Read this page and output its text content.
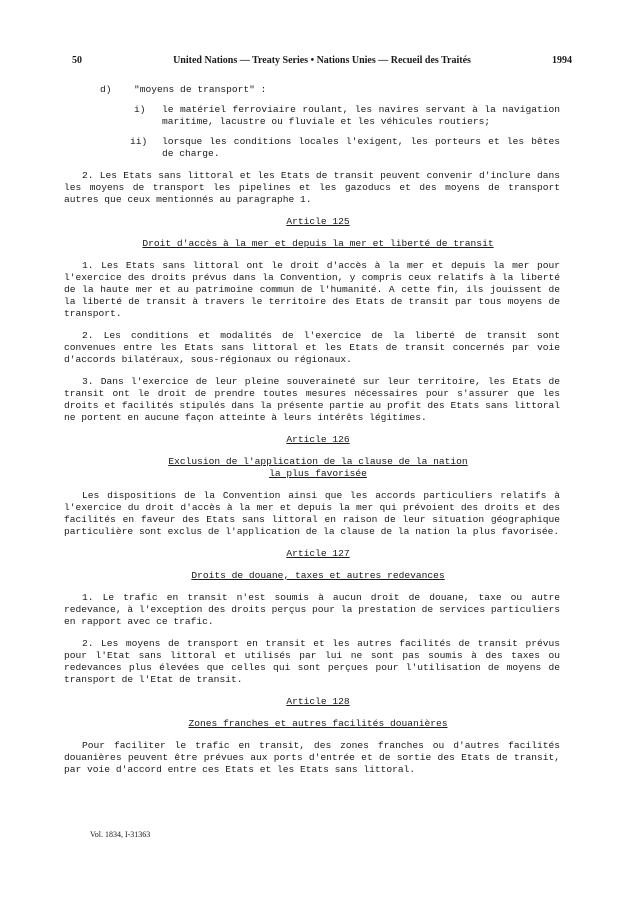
50	United Nations — Treaty Series • Nations Unies — Recueil des Traités	1994
d)	"moyens de transport" :
i)	le matériel ferroviaire roulant, les navires servant à la navigation maritime, lacustre ou fluviale et les véhicules routiers;
ii)	lorsque les conditions locales l'exigent, les porteurs et les bêtes de charge.

2. Les Etats sans littoral et les Etats de transit peuvent convenir d'inclure dans les moyens de transport les pipelines et les gazoducs et des moyens de transport autres que ceux mentionnés au paragraphe 1.

Article 125

Droit d'accès à la mer et depuis la mer et liberté de transit

1. Les Etats sans littoral ont le droit d'accès à la mer et depuis la mer pour l'exercice des droits prévus dans la Convention, y compris ceux relatifs à la liberté de la haute mer et au patrimoine commun de l'humanité. A cette fin, ils jouissent de la liberté de transit à travers le territoire des Etats de transit par tous moyens de transport.

2. Les conditions et modalités de l'exercice de la liberté de transit sont convenues entre les Etats sans littoral et les Etats de transit concernés par voie d'accords bilatéraux, sous-régionaux ou régionaux.

3. Dans l'exercice de leur pleine souveraineté sur leur territoire, les Etats de transit ont le droit de prendre toutes mesures nécessaires pour s'assurer que les droits et facilités stipulés dans la présente partie au profit des Etats sans littoral ne portent en aucune façon atteinte à leurs intérêts légitimes.

Article 126

Exclusion de l'application de la clause de la nation

la plus favorisée

Les dispositions de la Convention ainsi que les accords particuliers relatifs à l'exercice du droit d'accès à la mer et depuis la mer qui prévoient des droits et des facilités en faveur des Etats sans littoral en raison de leur situation géographique particulière sont exclus de l'application de la clause de la nation la plus favorisée.

Article 127

Droits de douane, taxes et autres redevances

1. Le trafic en transit n'est soumis à aucun droit de douane, taxe ou autre redevance, à l'exception des droits perçus pour la prestation de services particuliers en rapport avec ce trafic.

2. Les moyens de transport en transit et les autres facilités de transit prévus pour l'Etat sans littoral et utilisés par lui ne sont pas soumis à des taxes ou redevances plus élevées que celles qui sont perçues pour l'utilisation de moyens de transport de l'Etat de transit.

Article 128

Zones franches et autres facilités douanières

Pour faciliter le trafic en transit, des zones franches ou d'autres facilités douanières peuvent être prévues aux ports d'entrée et de sortie des Etats de transit, par voie d'accord entre ces Etats et les Etats sans littoral.

Vol. 1834, I-31363
